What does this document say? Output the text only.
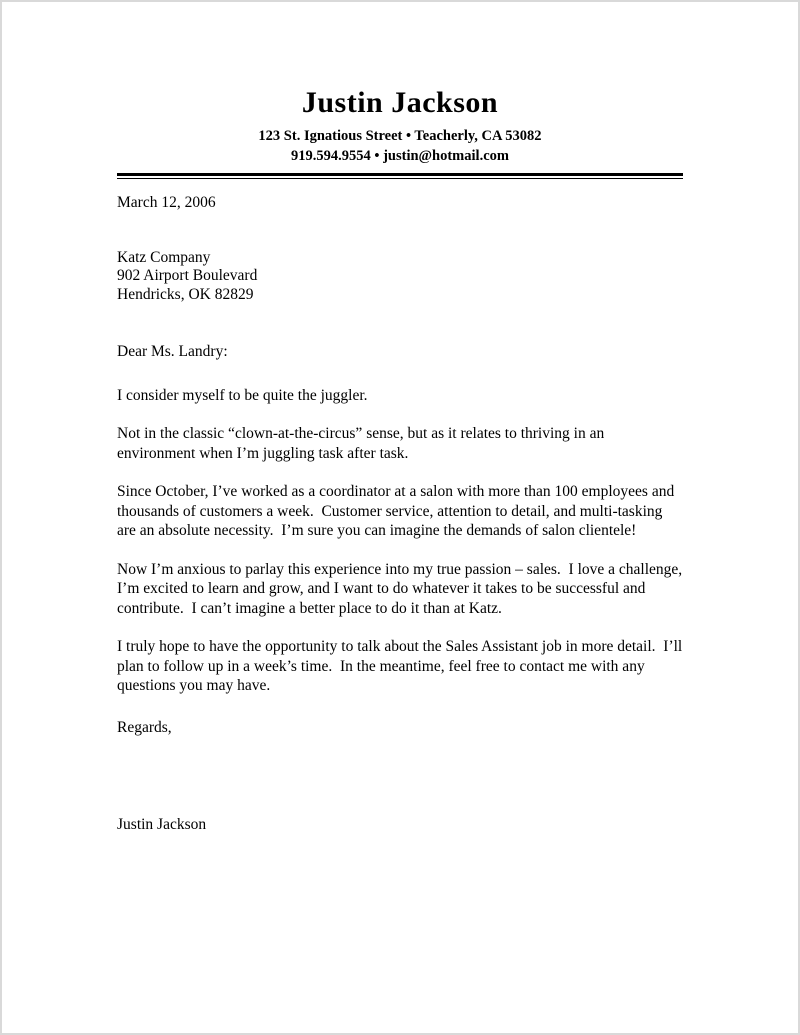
Justin Jackson
123 St. Ignatious Street • Teacherly, CA 53082
919.594.9554 • justin@hotmail.com
March 12, 2006
Katz Company
902 Airport Boulevard
Hendricks, OK 82829
Dear Ms. Landry:

I consider myself to be quite the juggler.

Not in the classic “clown-at-the-circus” sense, but as it relates to thriving in an environment when I’m juggling task after task.

Since October, I’ve worked as a coordinator at a salon with more than 100 employees and thousands of customers a week.  Customer service, attention to detail, and multi-tasking are an absolute necessity.  I’m sure you can imagine the demands of salon clientele!

Now I’m anxious to parlay this experience into my true passion – sales.  I love a challenge, I’m excited to learn and grow, and I want to do whatever it takes to be successful and contribute.  I can’t imagine a better place to do it than at Katz.

I truly hope to have the opportunity to talk about the Sales Assistant job in more detail.  I’ll plan to follow up in a week’s time.  In the meantime, feel free to contact me with any questions you may have.

Regards,
Justin Jackson
